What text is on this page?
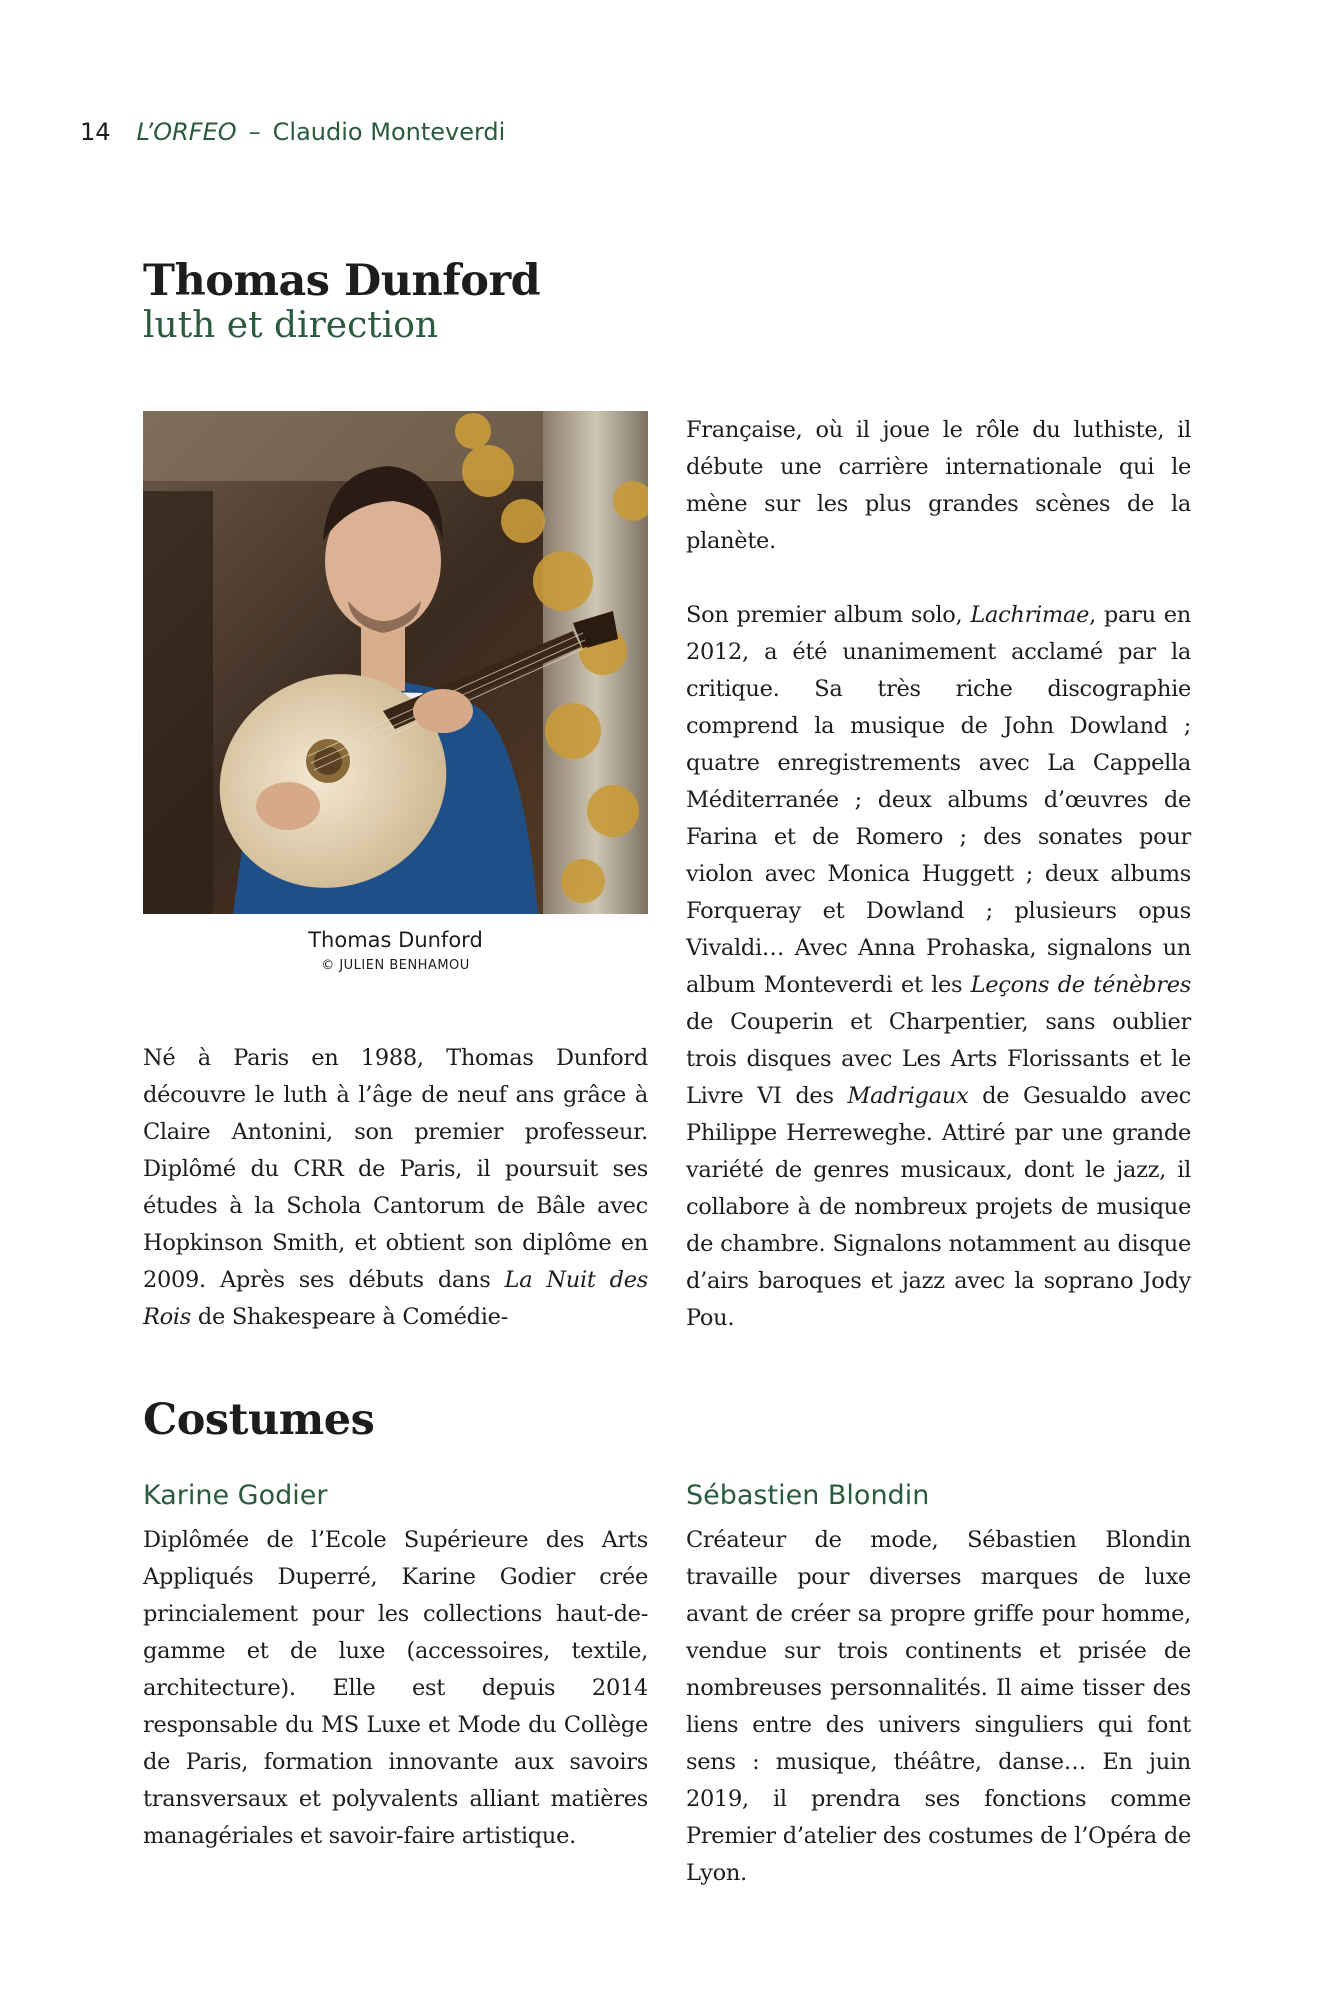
14 L’ORFEO – Claudio Monteverdi
Thomas Dunford
luth et direction
Thomas Dunford
© JULIEN BENHAMOU

Né à Paris en 1988, Thomas Dunford découvre le luth à l’âge de neuf ans grâce à Claire Antonini, son premier professeur. Diplômé du CRR de Paris, il poursuit ses études à la Schola Cantorum de Bâle avec Hopkinson Smith, et obtient son diplôme en 2009. Après ses débuts dans La Nuit des Rois de Shakespeare à Comédie-

Française, où il joue le rôle du luthiste, il débute une carrière internationale qui le mène sur les plus grandes scènes de la planète.

Son premier album solo, Lachrimae, paru en 2012, a été unanimement acclamé par la critique. Sa très riche discographie comprend la musique de John Dowland ; quatre enregistrements avec La Cappella Méditerranée ; deux albums d’œuvres de Farina et de Romero ; des sonates pour violon avec Monica Huggett ; deux albums Forqueray et Dowland ; plusieurs opus Vivaldi… Avec Anna Prohaska, signalons un album Monteverdi et les Leçons de ténèbres de Couperin et Charpentier, sans oublier trois disques avec Les Arts Florissants et le Livre VI des Madrigaux de Gesualdo avec Philippe Herreweghe. Attiré par une grande variété de genres musicaux, dont le jazz, il collabore à de nombreux projets de musique de chambre. Signalons notamment au disque d’airs baroques et jazz avec la soprano Jody Pou.

Costumes
Karine Godier	Sébastien Blondin

Diplômée de l’Ecole Supérieure des Arts Appliqués Duperré, Karine Godier crée princialement pour les collections haut-de-gamme et de luxe (accessoires, textile, architecture). Elle est depuis 2014 responsable du MS Luxe et Mode du Collège de Paris, formation innovante aux savoirs transversaux et polyvalents alliant matières managériales et savoir-faire artistique.

Créateur de mode, Sébastien Blondin travaille pour diverses marques de luxe avant de créer sa propre griffe pour homme, vendue sur trois continents et prisée de nombreuses personnalités. Il aime tisser des liens entre des univers singuliers qui font sens : musique, théâtre, danse… En juin 2019, il prendra ses fonctions comme Premier d’atelier des costumes de l’Opéra de Lyon.
